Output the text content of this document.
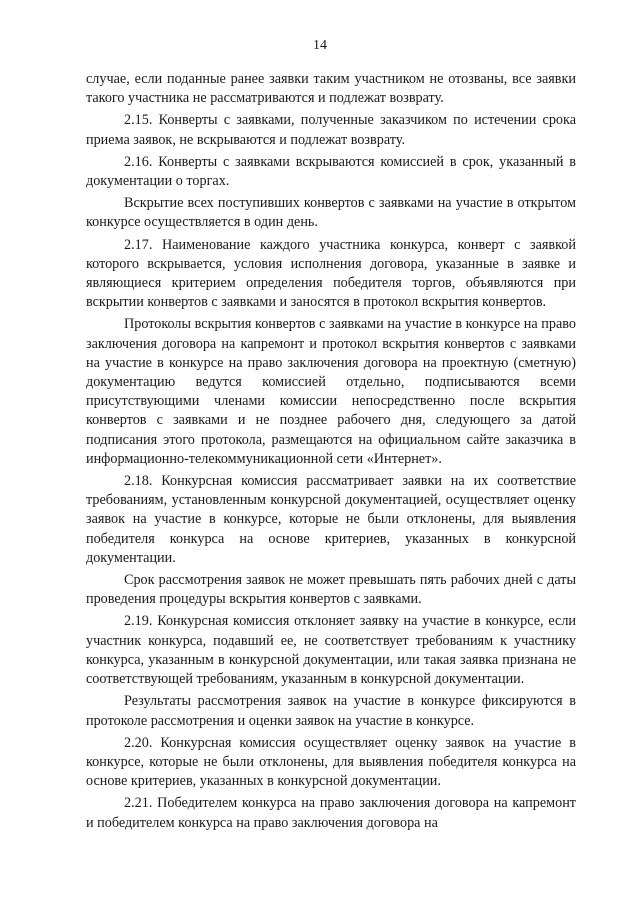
14

случае, если поданные ранее заявки таким участником не отозваны, все заявки такого участника не рассматриваются и подлежат возврату.

2.15. Конверты с заявками, полученные заказчиком по истечении срока приема заявок, не вскрываются и подлежат возврату.

2.16. Конверты с заявками вскрываются комиссией в срок, указанный в документации о торгах.

Вскрытие всех поступивших конвертов с заявками на участие в открытом конкурсе осуществляется в один день.

2.17. Наименование каждого участника конкурса, конверт с заявкой которого вскрывается, условия исполнения договора, указанные в заявке и являющиеся критерием определения победителя торгов, объявляются при вскрытии конвертов с заявками и заносятся в протокол вскрытия конвертов.

Протоколы вскрытия конвертов с заявками на участие в конкурсе на право заключения договора на капремонт и протокол вскрытия конвертов с заявками на участие в конкурсе на право заключения договора на проектную (сметную) документацию ведутся комиссией отдельно, подписываются всеми присутствующими членами комиссии непосредственно после вскрытия конвертов с заявками и не позднее рабочего дня, следующего за датой подписания этого протокола, размещаются на официальном сайте заказчика в информационно-телекоммуникационной сети «Интернет».

2.18. Конкурсная комиссия рассматривает заявки на их соответствие требованиям, установленным конкурсной документацией, осуществляет оценку заявок на участие в конкурсе, которые не были отклонены, для выявления победителя конкурса на основе критериев, указанных в конкурсной документации.

Срок рассмотрения заявок не может превышать пять рабочих дней с даты проведения процедуры вскрытия конвертов с заявками.

2.19. Конкурсная комиссия отклоняет заявку на участие в конкурсе, если участник конкурса, подавший ее, не соответствует требованиям к участнику конкурса, указанным в конкурсной документации, или такая заявка признана не соответствующей требованиям, указанным в конкурсной документации.

Результаты рассмотрения заявок на участие в конкурсе фиксируются в протоколе рассмотрения и оценки заявок на участие в конкурсе.

2.20. Конкурсная комиссия осуществляет оценку заявок на участие в конкурсе, которые не были отклонены, для выявления победителя конкурса на основе критериев, указанных в конкурсной документации.

2.21. Победителем конкурса на право заключения договора на капремонт и победителем конкурса на право заключения договора на
